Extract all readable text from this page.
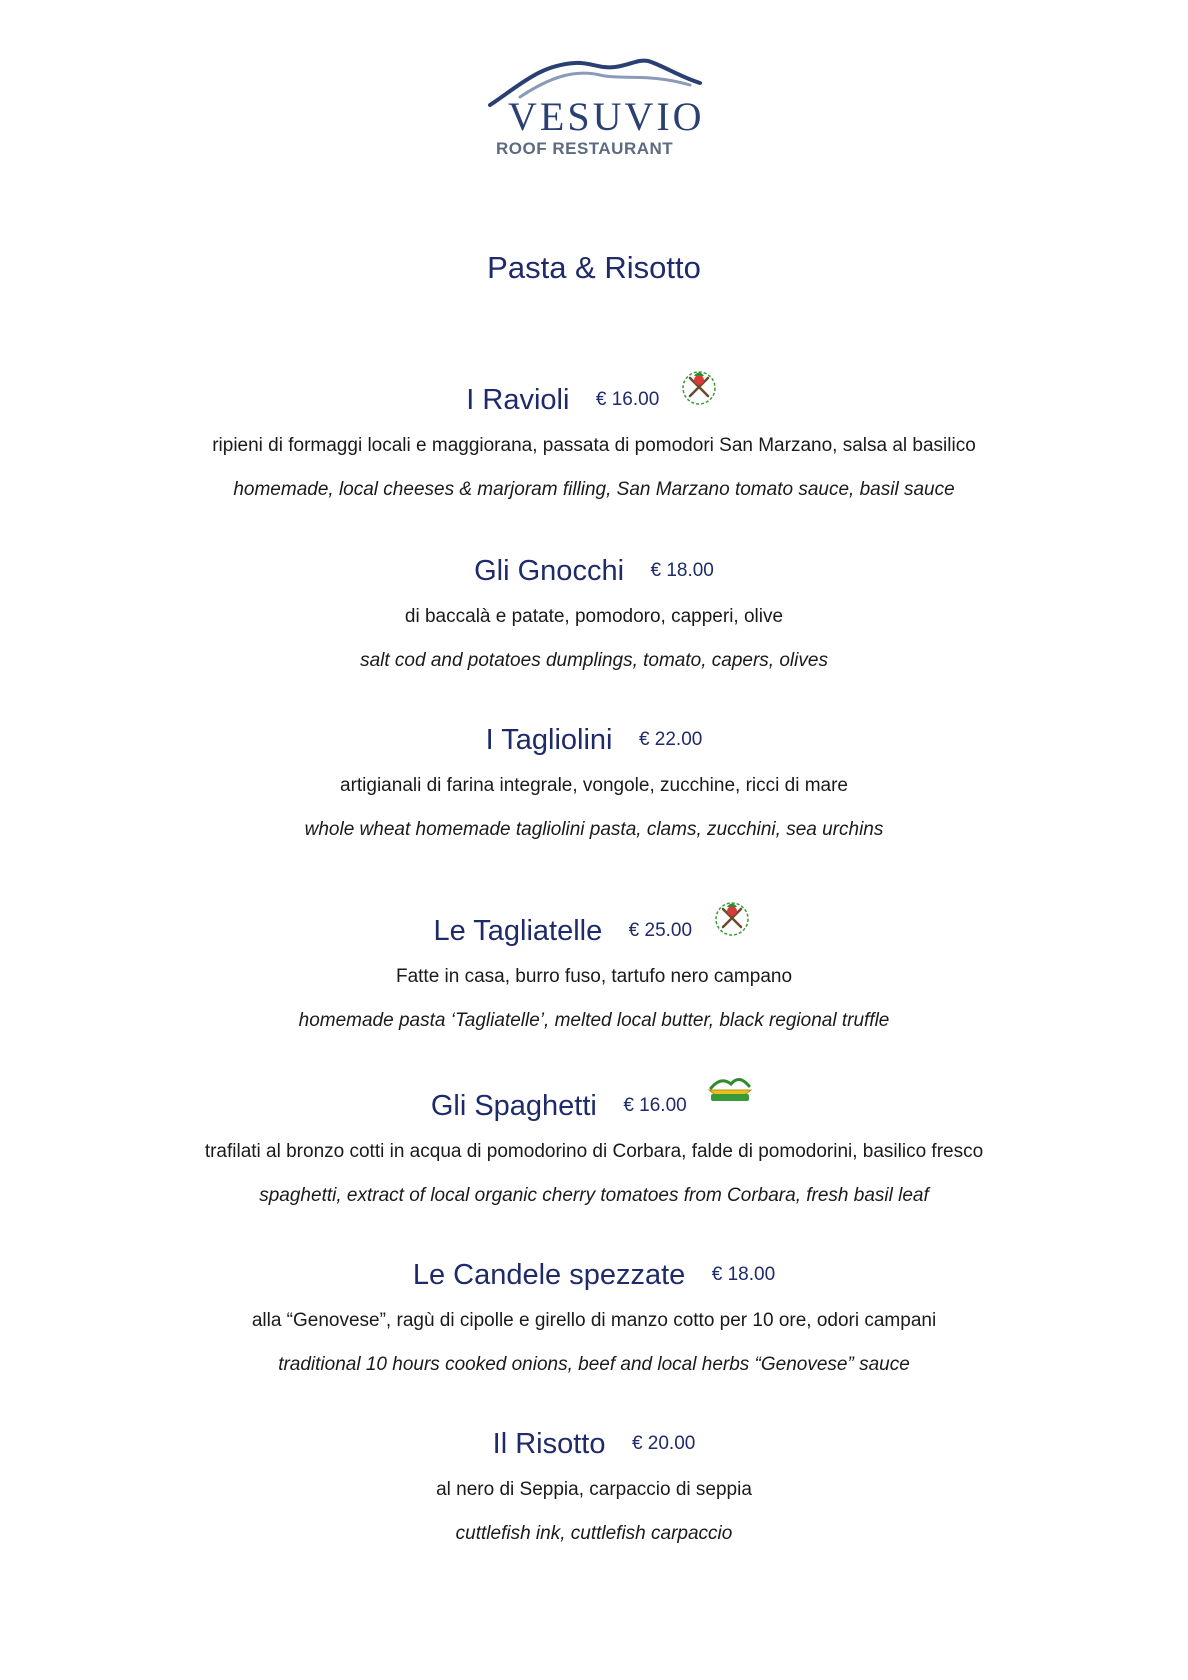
VESUVIO
ROOF RESTAURANT
Pasta & Risotto
I Ravioli € 16.00
ripieni di formaggi locali e maggiorana, passata di pomodori San Marzano, salsa al basilico
homemade, local cheeses & marjoram filling, San Marzano tomato sauce, basil sauce
Gli Gnocchi € 18.00
di baccalà e patate, pomodoro, capperi, olive
salt cod and potatoes dumplings, tomato, capers, olives
I Tagliolini € 22.00
artigianali di farina integrale, vongole, zucchine, ricci di mare
whole wheat homemade tagliolini pasta, clams, zucchini, sea urchins
Le Tagliatelle € 25.00
Fatte in casa, burro fuso, tartufo nero campano
homemade pasta ‘Tagliatelle’, melted local butter, black regional truffle
Gli Spaghetti € 16.00
trafilati al bronzo cotti in acqua di pomodorino di Corbara, falde di pomodorini, basilico fresco
spaghetti, extract of local organic cherry tomatoes from Corbara, fresh basil leaf
Le Candele spezzate € 18.00
alla “Genovese”, ragù di cipolle e girello di manzo cotto per 10 ore, odori campani
traditional 10 hours cooked onions, beef and local herbs “Genovese” sauce
Il Risotto € 20.00
al nero di Seppia, carpaccio di seppia
cuttlefish ink, cuttlefish carpaccio
